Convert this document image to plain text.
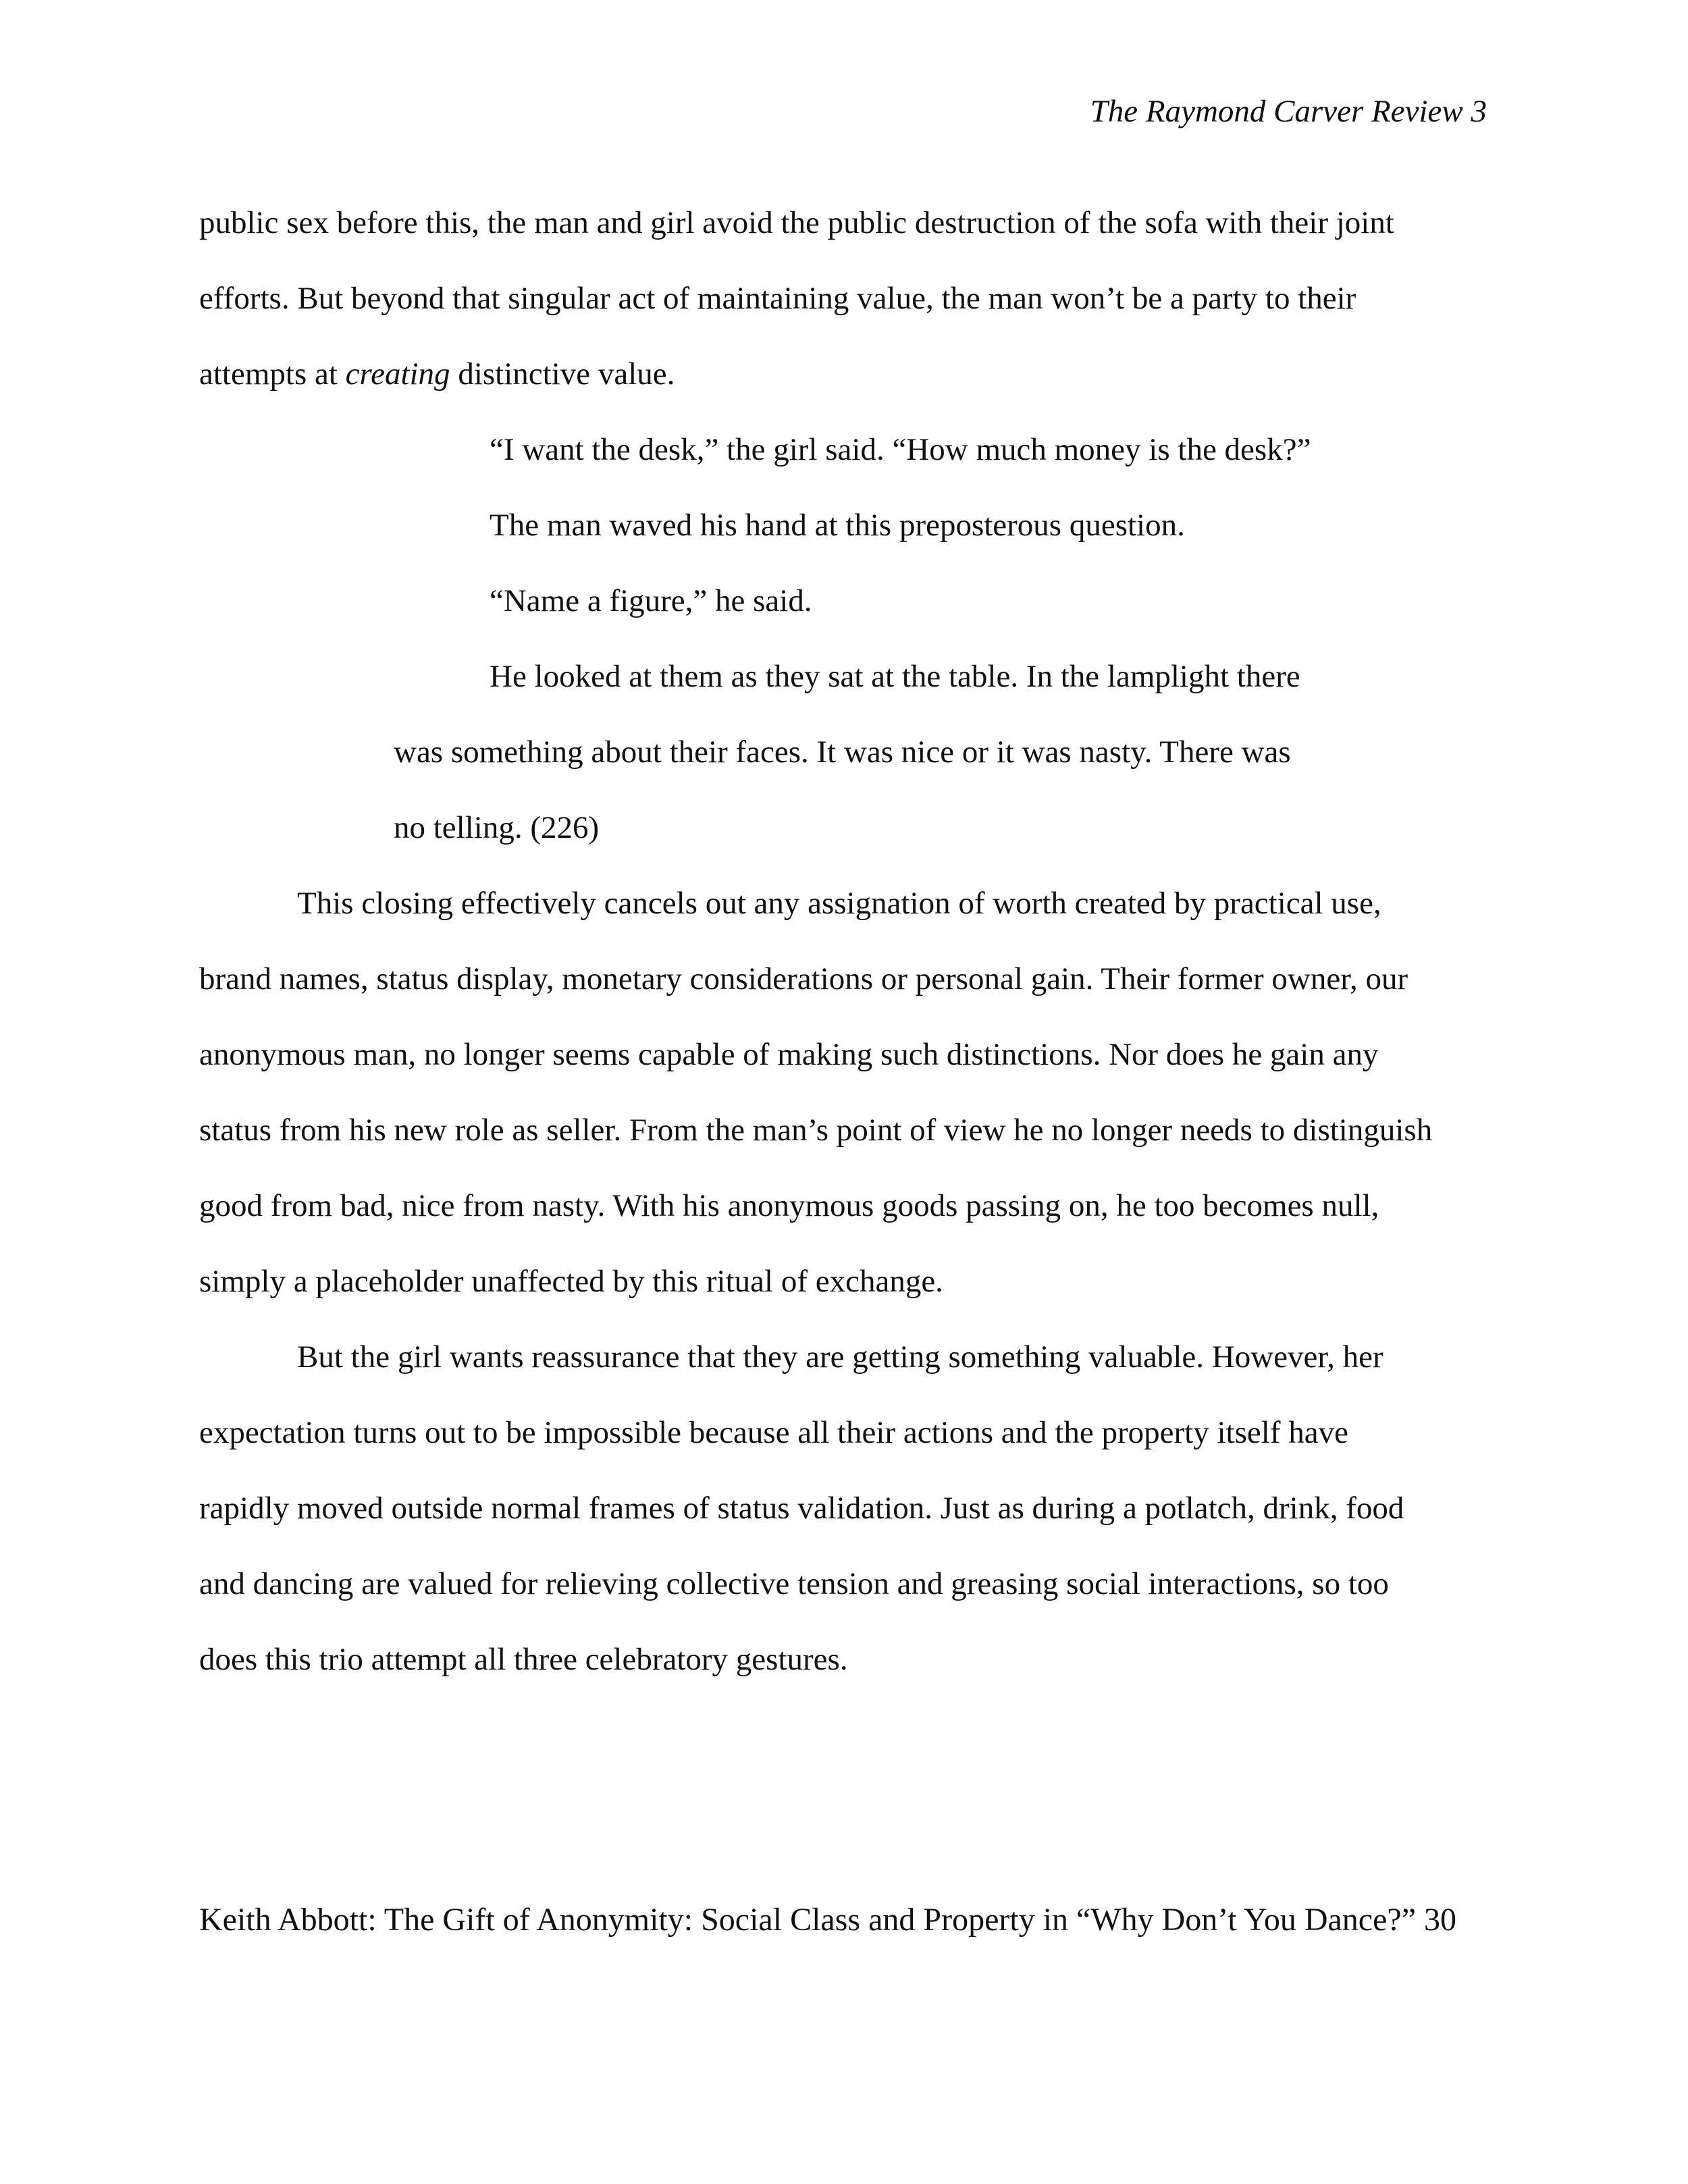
The Raymond Carver Review 3
public sex before this, the man and girl avoid the public destruction of the sofa with their joint
efforts. But beyond that singular act of maintaining value, the man won’t be a party to their
attempts at creating distinctive value.
“I want the desk,” the girl said. “How much money is the desk?”
The man waved his hand at this preposterous question.
“Name a figure,” he said.
He looked at them as they sat at the table. In the lamplight there
was something about their faces. It was nice or it was nasty. There was
no telling. (226)
This closing effectively cancels out any assignation of worth created by practical use,
brand names, status display, monetary considerations or personal gain. Their former owner, our
anonymous man, no longer seems capable of making such distinctions. Nor does he gain any
status from his new role as seller. From the man’s point of view he no longer needs to distinguish
good from bad, nice from nasty. With his anonymous goods passing on, he too becomes null,
simply a placeholder unaffected by this ritual of exchange.
But the girl wants reassurance that they are getting something valuable. However, her
expectation turns out to be impossible because all their actions and the property itself have
rapidly moved outside normal frames of status validation. Just as during a potlatch, drink, food
and dancing are valued for relieving collective tension and greasing social interactions, so too
does this trio attempt all three celebratory gestures.
Keith Abbott: The Gift of Anonymity: Social Class and Property in “Why Don’t You Dance?” 30
